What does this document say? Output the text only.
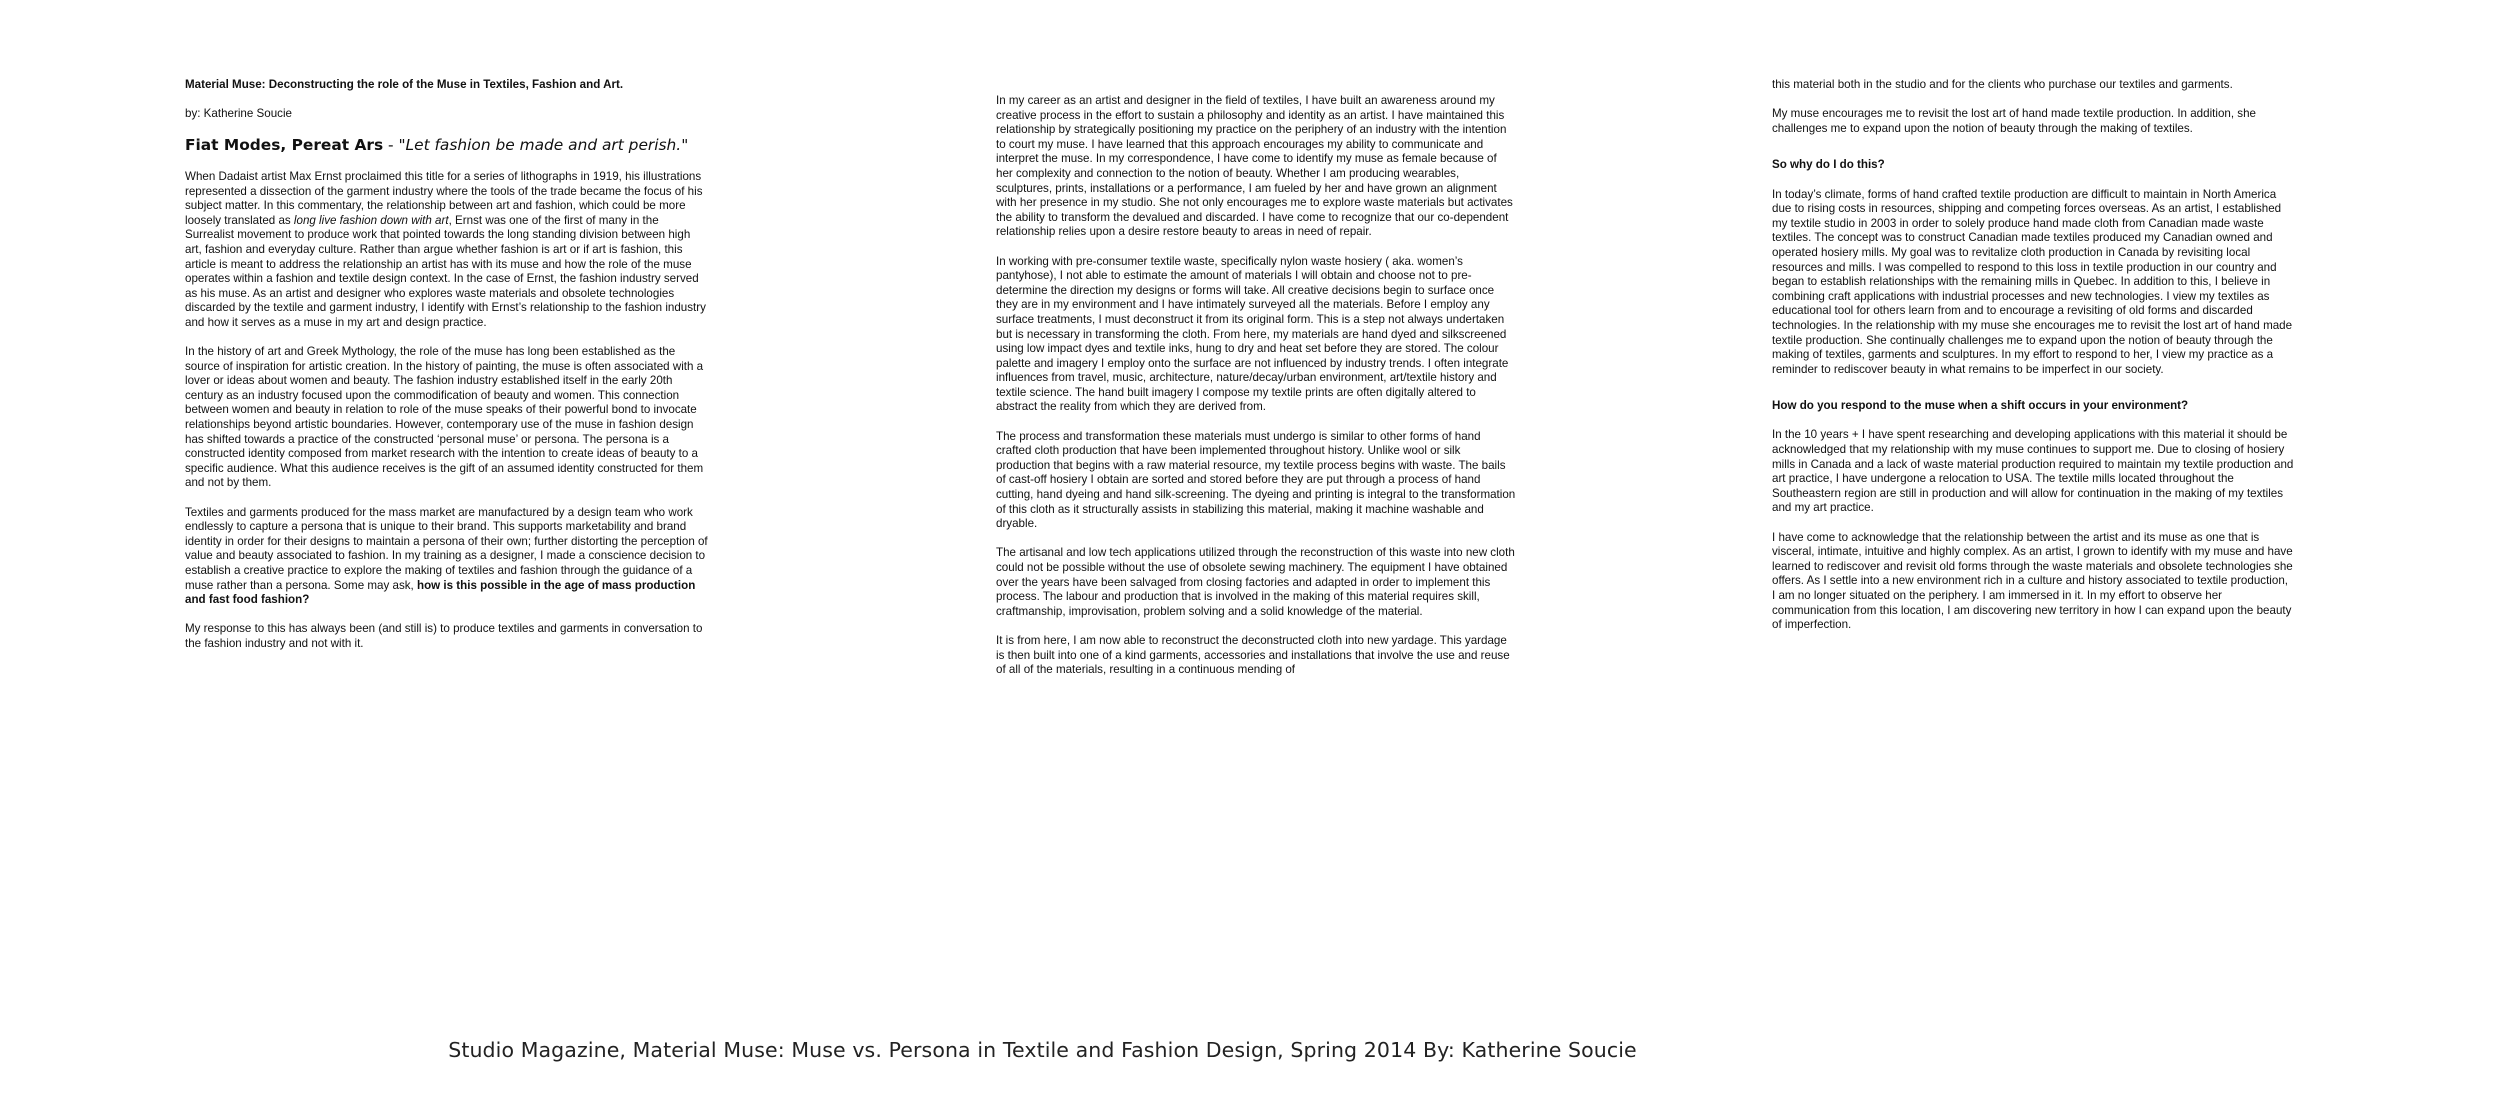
Material Muse: Deconstructing the role of the Muse in Textiles, Fashion and Art.

by: Katherine Soucie

Fiat Modes, Pereat Ars - "Let fashion be made and art perish."

When Dadaist artist Max Ernst proclaimed this title for a series of lithographs in 1919, his illustrations represented a dissection of the garment industry where the tools of the trade became the focus of his subject matter. In this commentary, the relationship between art and fashion, which could be more loosely translated as long live fashion down with art, Ernst was one of the first of many in the Surrealist movement to produce work that pointed towards the long standing division between high art, fashion and everyday culture. Rather than argue whether fashion is art or if art is fashion, this article is meant to address the relationship an artist has with its muse and how the role of the muse operates within a fashion and textile design context. In the case of Ernst, the fashion industry served as his muse. As an artist and designer who explores waste materials and obsolete technologies discarded by the textile and garment industry, I identify with Ernst’s relationship to the fashion industry and how it serves as a muse in my art and design practice.

In the history of art and Greek Mythology, the role of the muse has long been established as the source of inspiration for artistic creation. In the history of painting, the muse is often associated with a lover or ideas about women and beauty. The fashion industry established itself in the early 20th century as an industry focused upon the commodification of beauty and women. This connection between women and beauty in relation to role of the muse speaks of their powerful bond to invocate relationships beyond artistic boundaries. However, contemporary use of the muse in fashion design has shifted towards a practice of the constructed ‘personal muse’ or persona. The persona is a constructed identity composed from market research with the intention to create ideas of beauty to a specific audience. What this audience receives is the gift of an assumed identity constructed for them and not by them.

Textiles and garments produced for the mass market are manufactured by a design team who work endlessly to capture a persona that is unique to their brand. This supports marketability and brand identity in order for their designs to maintain a persona of their own; further distorting the perception of value and beauty associated to fashion. In my training as a designer, I made a conscience decision to establish a creative practice to explore the making of textiles and fashion through the guidance of a muse rather than a persona. Some may ask, how is this possible in the age of mass production and fast food fashion?

My response to this has always been (and still is) to produce textiles and garments in conversation to the fashion industry and not with it.

In my career as an artist and designer in the field of textiles, I have built an awareness around my creative process in the effort to sustain a philosophy and identity as an artist. I have maintained this relationship by strategically positioning my practice on the periphery of an industry with the intention to court my muse. I have learned that this approach encourages my ability to communicate and interpret the muse. In my correspondence, I have come to identify my muse as female because of her complexity and connection to the notion of beauty. Whether I am producing wearables, sculptures, prints, installations or a performance, I am fueled by her and have grown an alignment with her presence in my studio. She not only encourages me to explore waste materials but activates the ability to transform the devalued and discarded. I have come to recognize that our co-dependent relationship relies upon a desire restore beauty to areas in need of repair.

In working with pre-consumer textile waste, specifically nylon waste hosiery ( aka. women’s pantyhose), I not able to estimate the amount of materials I will obtain and choose not to pre-determine the direction my designs or forms will take. All creative decisions begin to surface once they are in my environment and I have intimately surveyed all the materials. Before I employ any surface treatments, I must deconstruct it from its original form. This is a step not always undertaken but is necessary in transforming the cloth. From here, my materials are hand dyed and silkscreened using low impact dyes and textile inks, hung to dry and heat set before they are stored. The colour palette and imagery I employ onto the surface are not influenced by industry trends. I often integrate influences from travel, music, architecture, nature/decay/urban environment, art/textile history and textile science. The hand built imagery I compose my textile prints are often digitally altered to abstract the reality from which they are derived from.

The process and transformation these materials must undergo is similar to other forms of hand crafted cloth production that have been implemented throughout history. Unlike wool or silk production that begins with a raw material resource, my textile process begins with waste. The bails of cast-off hosiery I obtain are sorted and stored before they are put through a process of hand cutting, hand dyeing and hand silk-screening. The dyeing and printing is integral to the transformation of this cloth as it structurally assists in stabilizing this material, making it machine washable and dryable.

The artisanal and low tech applications utilized through the reconstruction of this waste into new cloth could not be possible without the use of obsolete sewing machinery. The equipment I have obtained over the years have been salvaged from closing factories and adapted in order to implement this process. The labour and production that is involved in the making of this material requires skill, craftmanship, improvisation, problem solving and a solid knowledge of the material.

It is from here, I am now able to reconstruct the deconstructed cloth into new yardage. This yardage is then built into one of a kind garments, accessories and installations that involve the use and reuse of all of the materials, resulting in a continuous mending of

this material both in the studio and for the clients who purchase our textiles and garments.

My muse encourages me to revisit the lost art of hand made textile production. In addition, she challenges me to expand upon the notion of beauty through the making of textiles.

So why do I do this?

In today’s climate, forms of hand crafted textile production are difficult to maintain in North America due to rising costs in resources, shipping and competing forces overseas. As an artist, I established my textile studio in 2003 in order to solely produce hand made cloth from Canadian made waste textiles. The concept was to construct Canadian made textiles produced my Canadian owned and operated hosiery mills. My goal was to revitalize cloth production in Canada by revisiting local resources and mills. I was compelled to respond to this loss in textile production in our country and began to establish relationships with the remaining mills in Quebec. In addition to this, I believe in combining craft applications with industrial processes and new technologies. I view my textiles as educational tool for others learn from and to encourage a revisiting of old forms and discarded technologies. In the relationship with my muse she encourages me to revisit the lost art of hand made textile production. She continually challenges me to expand upon the notion of beauty through the making of textiles, garments and sculptures. In my effort to respond to her, I view my practice as a reminder to rediscover beauty in what remains to be imperfect in our society.

How do you respond to the muse when a shift occurs in your environment?

In the 10 years + I have spent researching and developing applications with this material it should be acknowledged that my relationship with my muse continues to support me. Due to closing of hosiery mills in Canada and a lack of waste material production required to maintain my textile production and art practice, I have undergone a relocation to USA. The textile mills located throughout the Southeastern region are still in production and will allow for continuation in the making of my textiles and my art practice.

I have come to acknowledge that the relationship between the artist and its muse as one that is visceral, intimate, intuitive and highly complex. As an artist, I grown to identify with my muse and have learned to rediscover and revisit old forms through the waste materials and obsolete technologies she offers. As I settle into a new environment rich in a culture and history associated to textile production, I am no longer situated on the periphery. I am immersed in it. In my effort to observe her communication from this location, I am discovering new territory in how I can expand upon the beauty of imperfection.

Studio Magazine, Material Muse: Muse vs. Persona in Textile and Fashion Design, Spring 2014 By: Katherine Soucie
